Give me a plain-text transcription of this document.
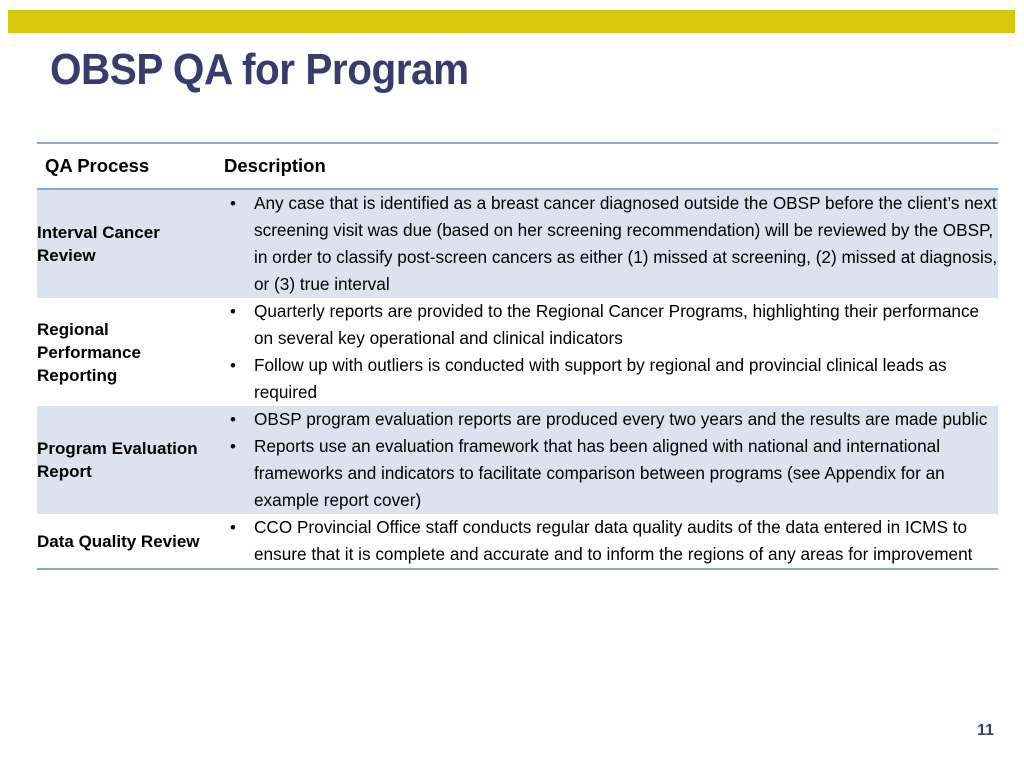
OBSP QA for Program
QA Process	Description
Interval Cancer Review	
• Any case that is identified as a breast cancer diagnosed outside the OBSP before the client’s next screening visit was due (based on her screening recommendation) will be reviewed by the OBSP, in order to classify post-screen cancers as either (1) missed at screening, (2) missed at diagnosis, or (3) true interval

Regional Performance Reporting	
• Quarterly reports are provided to the Regional Cancer Programs, highlighting their performance on several key operational and clinical indicators
• Follow up with outliers is conducted with support by regional and provincial clinical leads as required

Program Evaluation Report	
• OBSP program evaluation reports are produced every two years and the results are made public
• Reports use an evaluation framework that has been aligned with national and international frameworks and indicators to facilitate comparison between programs (see Appendix for an example report cover)

Data Quality Review	
• CCO Provincial Office staff conducts regular data quality audits of the data entered in ICMS to ensure that it is complete and accurate and to inform the regions of any areas for improvement
11
